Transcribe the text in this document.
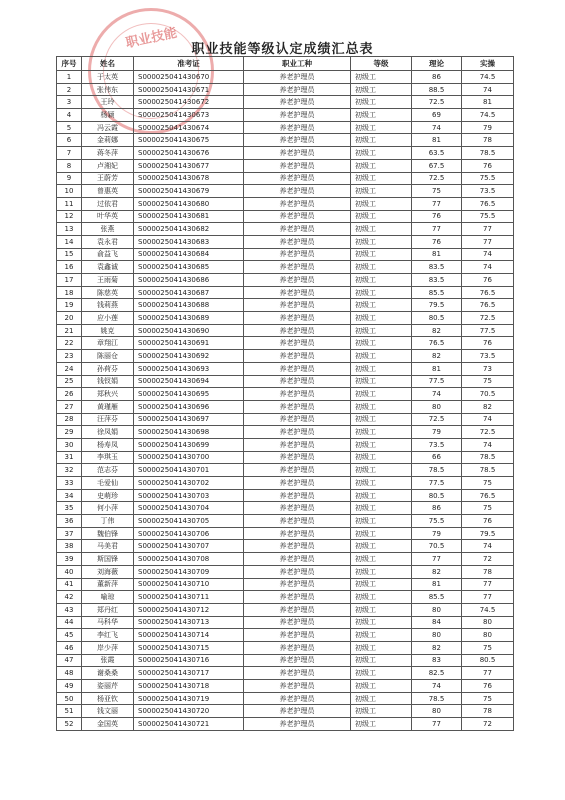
职业技能	职业技能等级认定成绩汇总表
序号	姓名	准考证	职业工种	等级	理论	实操
1	于太英	S000025041430670	养老护理员	初级工	86	74.5
2	张伟东	S000025041430671	养老护理员	初级工	88.5	74
3	王玲	S000025041430672	养老护理员	初级工	72.5	81
4	杨颖	S000025041430673	养老护理员	初级工	69	74.5
5	冯云霞	S000025041430674	养老护理员	初级工	74	79
6	金莉娜	S000025041430675	养老护理员	初级工	81	78
7	蒋冬萍	S000025041430676	养老护理员	初级工	63.5	78.5
8	卢湘妃	S000025041430677	养老护理员	初级工	67.5	76
9	王蔚芳	S000025041430678	养老护理员	初级工	72.5	75.5
10	曾惠英	S000025041430679	养老护理员	初级工	75	73.5
11	过依君	S000025041430680	养老护理员	初级工	77	76.5
12	叶华英	S000025041430681	养老护理员	初级工	76	75.5
13	张燕	S000025041430682	养老护理员	初级工	77	77
14	袁永君	S000025041430683	养老护理员	初级工	76	77
15	俞益飞	S000025041430684	养老护理员	初级工	81	74
16	袁鑫诚	S000025041430685	养老护理员	初级工	83.5	74
17	王雨菊	S000025041430686	养老护理员	初级工	83.5	76
18	陈慈英	S000025041430687	养老护理员	初级工	85.5	76.5
19	钱莉燕	S000025041430688	养老护理员	初级工	79.5	76.5
20	应小莲	S000025041430689	养老护理员	初级工	80.5	72.5
21	姚克	S000025041430690	养老护理员	初级工	82	77.5
22	章翔江	S000025041430691	养老护理员	初级工	76.5	76
23	陈丽仓	S000025041430692	养老护理员	初级工	82	73.5
24	孙荷芬	S000025041430693	养老护理员	初级工	81	73
25	钱钗娟	S000025041430694	养老护理员	初级工	77.5	75
26	郑秋兴	S000025041430695	养老护理员	初级工	74	70.5
27	黄瑾雁	S000025041430696	养老护理员	初级工	80	82
28	汪萍芬	S000025041430697	养老护理员	初级工	72.5	74
29	徐凤娟	S000025041430698	养老护理员	初级工	79	72.5
30	杨寿凤	S000025041430699	养老护理员	初级工	73.5	74
31	李琪玉	S000025041430700	养老护理员	初级工	66	78.5
32	范志芬	S000025041430701	养老护理员	初级工	78.5	78.5
33	毛爱仙	S000025041430702	养老护理员	初级工	77.5	75
34	史萌珍	S000025041430703	养老护理员	初级工	80.5	76.5
35	何小萍	S000025041430704	养老护理员	初级工	86	75
36	丁伟	S000025041430705	养老护理员	初级工	75.5	76
37	魏伯锋	S000025041430706	养老护理员	初级工	79	79.5
38	马美君	S000025041430707	养老护理员	初级工	70.5	74
39	斯国锋	S000025041430708	养老护理员	初级工	77	72
40	刘海薇	S000025041430709	养老护理员	初级工	82	78
41	董新萍	S000025041430710	养老护理员	初级工	81	77
42	喻琼	S000025041430711	养老护理员	初级工	85.5	77
43	郑丹红	S000025041430712	养老护理员	初级工	80	74.5
44	马科华	S000025041430713	养老护理员	初级工	84	80
45	李红飞	S000025041430714	养老护理员	初级工	80	80
46	岸少萍	S000025041430715	养老护理员	初级工	82	75
47	张霞	S000025041430716	养老护理员	初级工	83	80.5
48	谢桑桑	S000025041430717	养老护理员	初级工	82.5	77
49	姿丽芹	S000025041430718	养老护理员	初级工	74	76
50	杨亚钦	S000025041430719	养老护理员	初级工	78.5	75
51	钱文丽	S000025041430720	养老护理员	初级工	80	78
52	金国英	S000025041430721	养老护理员	初级工	77	72
